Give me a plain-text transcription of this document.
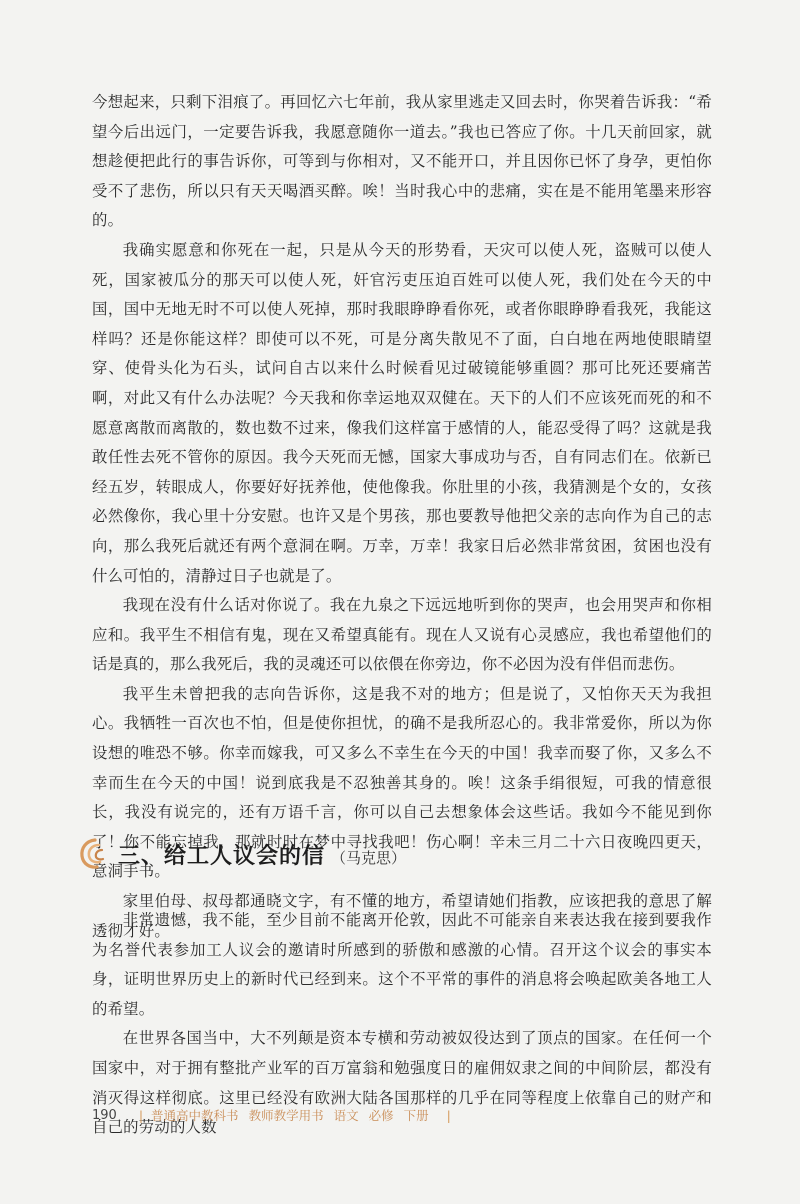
今想起来，只剩下泪痕了。再回忆六七年前，我从家里逃走又回去时，你哭着告诉我：“希望今后出远门，一定要告诉我，我愿意随你一道去。”我也已答应了你。十几天前回家，就想趁便把此行的事告诉你，可等到与你相对，又不能开口，并且因你已怀了身孕，更怕你受不了悲伤，所以只有天天喝酒买醉。唉！当时我心中的悲痛，实在是不能用笔墨来形容的。

我确实愿意和你死在一起，只是从今天的形势看，天灾可以使人死，盗贼可以使人死，国家被瓜分的那天可以使人死，奸官污吏压迫百姓可以使人死，我们处在今天的中国，国中无地无时不可以使人死掉，那时我眼睁睁看你死，或者你眼睁睁看我死，我能这样吗？还是你能这样？即使可以不死，可是分离失散见不了面，白白地在两地使眼睛望穿、使骨头化为石头，试问自古以来什么时候看见过破镜能够重圆？那可比死还要痛苦啊，对此又有什么办法呢？今天我和你幸运地双双健在。天下的人们不应该死而死的和不愿意离散而离散的，数也数不过来，像我们这样富于感情的人，能忍受得了吗？这就是我敢任性去死不管你的原因。我今天死而无憾，国家大事成功与否，自有同志们在。依新已经五岁，转眼成人，你要好好抚养他，使他像我。你肚里的小孩，我猜测是个女的，女孩必然像你，我心里十分安慰。也许又是个男孩，那也要教导他把父亲的志向作为自己的志向，那么我死后就还有两个意洞在啊。万幸，万幸！我家日后必然非常贫困，贫困也没有什么可怕的，清静过日子也就是了。

我现在没有什么话对你说了。我在九泉之下远远地听到你的哭声，也会用哭声和你相应和。我平生不相信有鬼，现在又希望真能有。现在人又说有心灵感应，我也希望他们的话是真的，那么我死后，我的灵魂还可以依偎在你旁边，你不必因为没有伴侣而悲伤。

我平生未曾把我的志向告诉你，这是我不对的地方；但是说了，又怕你天天为我担心。我牺牲一百次也不怕，但是使你担忧，的确不是我所忍心的。我非常爱你，所以为你设想的唯恐不够。你幸而嫁我，可又多么不幸生在今天的中国！我幸而娶了你，又多么不幸而生在今天的中国！说到底我是不忍独善其身的。唉！这条手绢很短，可我的情意很长，我没有说完的，还有万语千言，你可以自己去想象体会这些话。我如今不能见到你了！你不能忘掉我，那就时时在梦中寻找我吧！伤心啊！辛未三月二十六日夜晚四更天，意洞手书。

家里伯母、叔母都通晓文字，有不懂的地方，希望请她们指教，应该把我的意思了解透彻才好。

三、给工人议会的信 （马克思）

非常遗憾，我不能，至少目前不能离开伦敦，因此不可能亲自来表达我在接到要我作为名誉代表参加工人议会的邀请时所感到的骄傲和感激的心情。召开这个议会的事实本身，证明世界历史上的新时代已经到来。这个不平常的事件的消息将会唤起欧美各地工人的希望。

在世界各国当中，大不列颠是资本专横和劳动被奴役达到了顶点的国家。在任何一个国家中，对于拥有整批产业军的百万富翁和勉强度日的雇佣奴隶之间的中间阶层，都没有消灭得这样彻底。这里已经没有欧洲大陆各国那样的几乎在同等程度上依靠自己的财产和自己的劳动的人数

190 | 普通高中教科书 教师教学用书 语文 必修 下册 |
